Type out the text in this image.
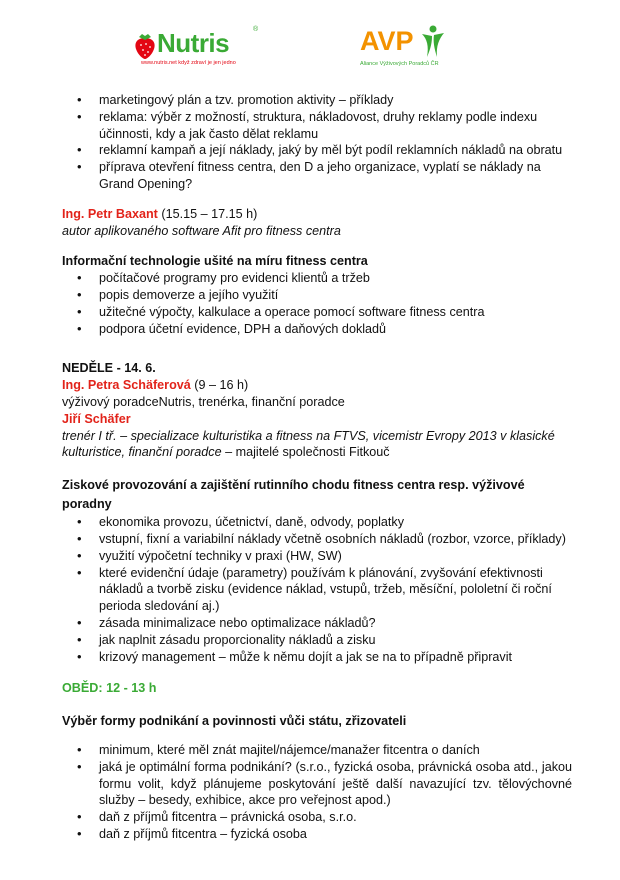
Nutris	®
www.nutris.net když zdraví je jen jedno
AVP
Aliance Výživových Poradců ČR
• marketingový plán a tzv. promotion aktivity – příklady
• reklama: výběr z možností, struktura, nákladovost, druhy reklamy podle indexu účinnosti, kdy a jak často dělat reklamu
• reklamní kampaň a její náklady, jaký by měl být podíl reklamních nákladů na obratu
• příprava otevření fitness centra, den D a jeho organizace, vyplatí se náklady na Grand Opening?
Ing. Petr Baxant (15.15 – 17.15 h)
autor aplikovaného software Afit pro fitness centra
Informační technologie ušité na míru fitness centra
• počítačové programy pro evidenci klientů a tržeb
• popis demoverze a jejího využití
• užitečné výpočty, kalkulace a operace pomocí software fitness centra
• podpora účetní evidence, DPH a daňových dokladů
NEDĚLE - 14. 6.
Ing. Petra Schäferová (9 – 16 h)
výživový poradceNutris, trenérka, finanční poradce
Jiří Schäfer
trenér I tř. – specializace kulturistika a fitness na FTVS, vicemistr Evropy 2013 v klasické kulturistice, finanční poradce – majitelé společnosti Fitkouč
Ziskové provozování a zajištění rutinního chodu fitness centra resp. výživové poradny
• ekonomika provozu, účetnictví, daně, odvody, poplatky
• vstupní, fixní a variabilní náklady včetně osobních nákladů (rozbor, vzorce, příklady)
• využití výpočetní techniky v praxi (HW, SW)
• které evidenční údaje (parametry) používám k plánování, zvyšování efektivnosti nákladů a tvorbě zisku (evidence náklad, vstupů, tržeb, měsíční, pololetní či roční perioda sledování aj.)
• zásada minimalizace nebo optimalizace nákladů?
• jak naplnit zásadu proporcionality nákladů a zisku
• krizový management – může k němu dojít a jak se na to případně připravit
OBĚD: 12 - 13 h
Výběr formy podnikání a povinnosti vůči státu, zřizovateli
• minimum, které měl znát majitel/nájemce/manažer fitcentra o daních
• jaká je optimální forma podnikání? (s.r.o., fyzická osoba, právnická osoba atd., jakou formu volit, když plánujeme poskytování ještě další navazující tzv. tělovýchovné služby – besedy, exhibice, akce pro veřejnost apod.)
• daň z příjmů fitcentra – právnická osoba, s.r.o.
• daň z příjmů fitcentra – fyzická osoba
